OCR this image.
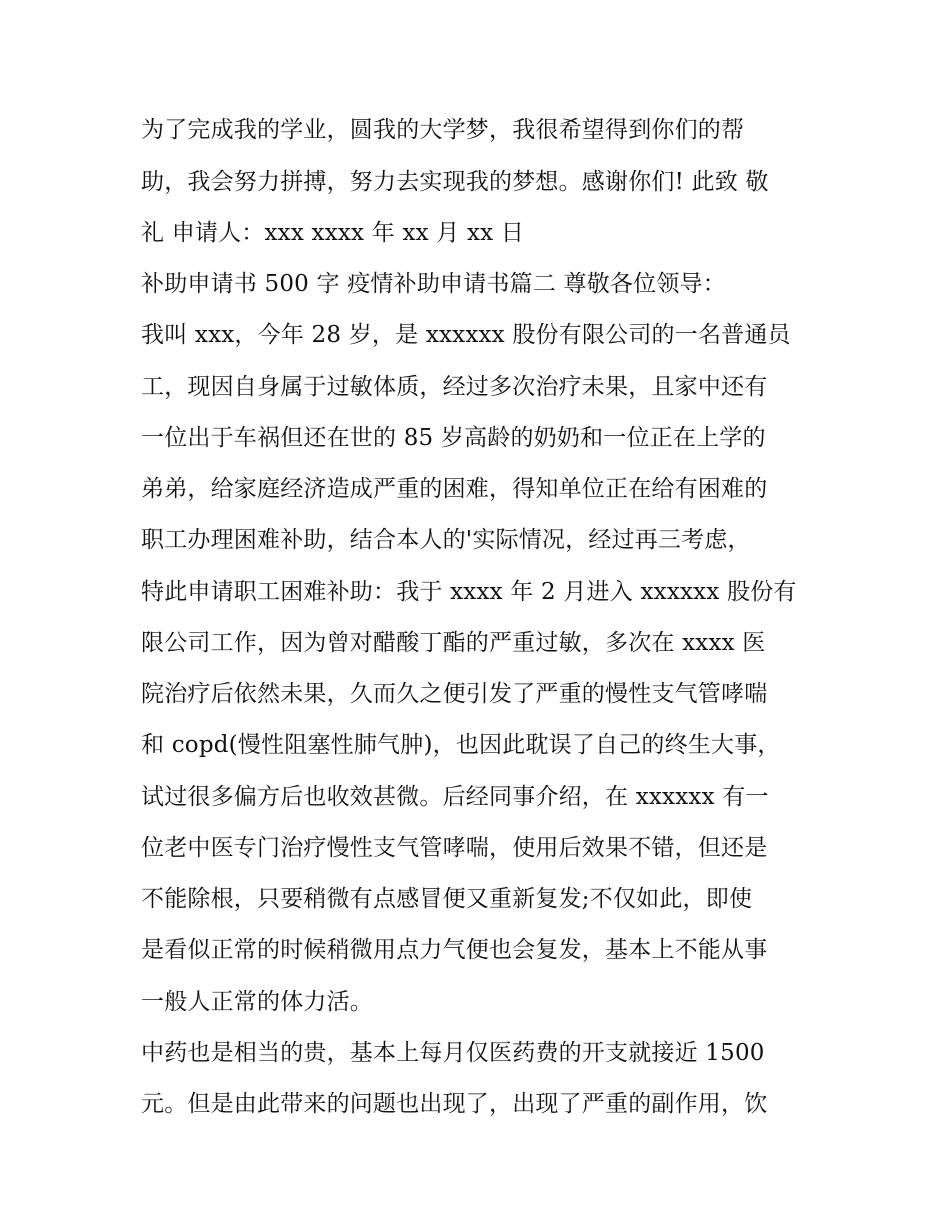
为了完成我的学业，圆我的大学梦，我很希望得到你们的帮
助，我会努力拼搏，努力去实现我的梦想。感谢你们! 此致 敬
礼 申请人：xxx xxxx 年 xx 月 xx 日
补助申请书 500 字 疫情补助申请书篇二 尊敬各位领导：
我叫 xxx，今年 28 岁，是 xxxxxx 股份有限公司的一名普通员
工，现因自身属于过敏体质，经过多次治疗未果，且家中还有
一位出于车祸但还在世的 85 岁高龄的奶奶和一位正在上学的
弟弟，给家庭经济造成严重的困难，得知单位正在给有困难的
职工办理困难补助，结合本人的'实际情况，经过再三考虑，
特此申请职工困难补助：我于 xxxx 年 2 月进入 xxxxxx 股份有
限公司工作，因为曾对醋酸丁酯的严重过敏，多次在 xxxx 医
院治疗后依然未果，久而久之便引发了严重的慢性支气管哮喘
和 copd(慢性阻塞性肺气肿)，也因此耽误了自己的终生大事，
试过很多偏方后也收效甚微。后经同事介绍，在 xxxxxx 有一
位老中医专门治疗慢性支气管哮喘，使用后效果不错，但还是
不能除根，只要稍微有点感冒便又重新复发;不仅如此，即使
是看似正常的时候稍微用点力气便也会复发，基本上不能从事
一般人正常的体力活。
中药也是相当的贵，基本上每月仅医药费的开支就接近 1500
元。但是由此带来的问题也出现了，出现了严重的副作用，饮
